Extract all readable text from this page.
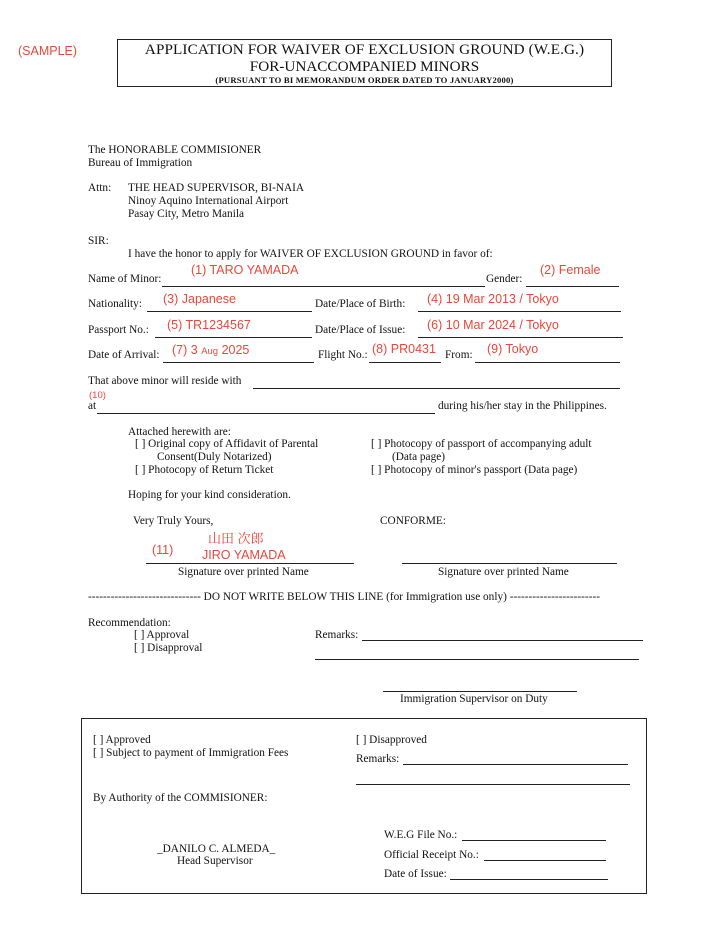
(SAMPLE)	APPLICATION FOR WAIVER OF EXCLUSION GROUND (W.E.G.)
FOR-UNACCOMPANIED MINORS
(PURSUANT TO BI MEMORANDUM ORDER DATED TO JANUARY2000)
The HONORABLE COMMISIONER
Bureau of Immigration
Attn: THE HEAD SUPERVISOR, BI-NAIA
Ninoy Aquino International Airport
Pasay City, Metro Manila
SIR:
I have the honor to apply for WAIVER OF EXCLUSION GROUND in favor of:
Name of Minor:
(1) TARO YAMADA
Gender:
(2) Female
Nationality: (3) Japanese	Date/Place of Birth: (4) 19 Mar 2013 / Tokyo
Passport No.: (5) TR1234567	Date/Place of Issue: (6) 10 Mar 2024 / Tokyo
Date of Arrival: (7) 3 Aug 2025	Flight No.: (8) PR0431 From: (9) Tokyo
That above minor will reside with
(10)
at	during his/her stay in the Philippines.
Attached herewith are:
[ ] Original copy of Affidavit of Parental
Consent(Duly Notarized)
[ ] Photocopy of Return Ticket
[ ] Photocopy of passport of accompanying adult
(Data page)
[ ] Photocopy of minor's passport (Data page)
Hoping for your kind consideration.
Very Truly Yours,	CONFORME:
山田 次郎
(11) JIRO YAMADA
Signature over printed Name	Signature over printed Name
------------------------------ DO NOT WRITE BELOW THIS LINE (for Immigration use only) ------------------------
Recommendation:
[ ] Approval
[ ] Disapproval
Remarks:
Immigration Supervisor on Duty
[ ] Approved
[ ] Subject to payment of Immigration Fees
[ ] Disapproved
Remarks:
By Authority of the COMMISIONER:
_DANILO C. ALMEDA_
Head Supervisor
W.E.G File No.:
Official Receipt No.:
Date of Issue:
